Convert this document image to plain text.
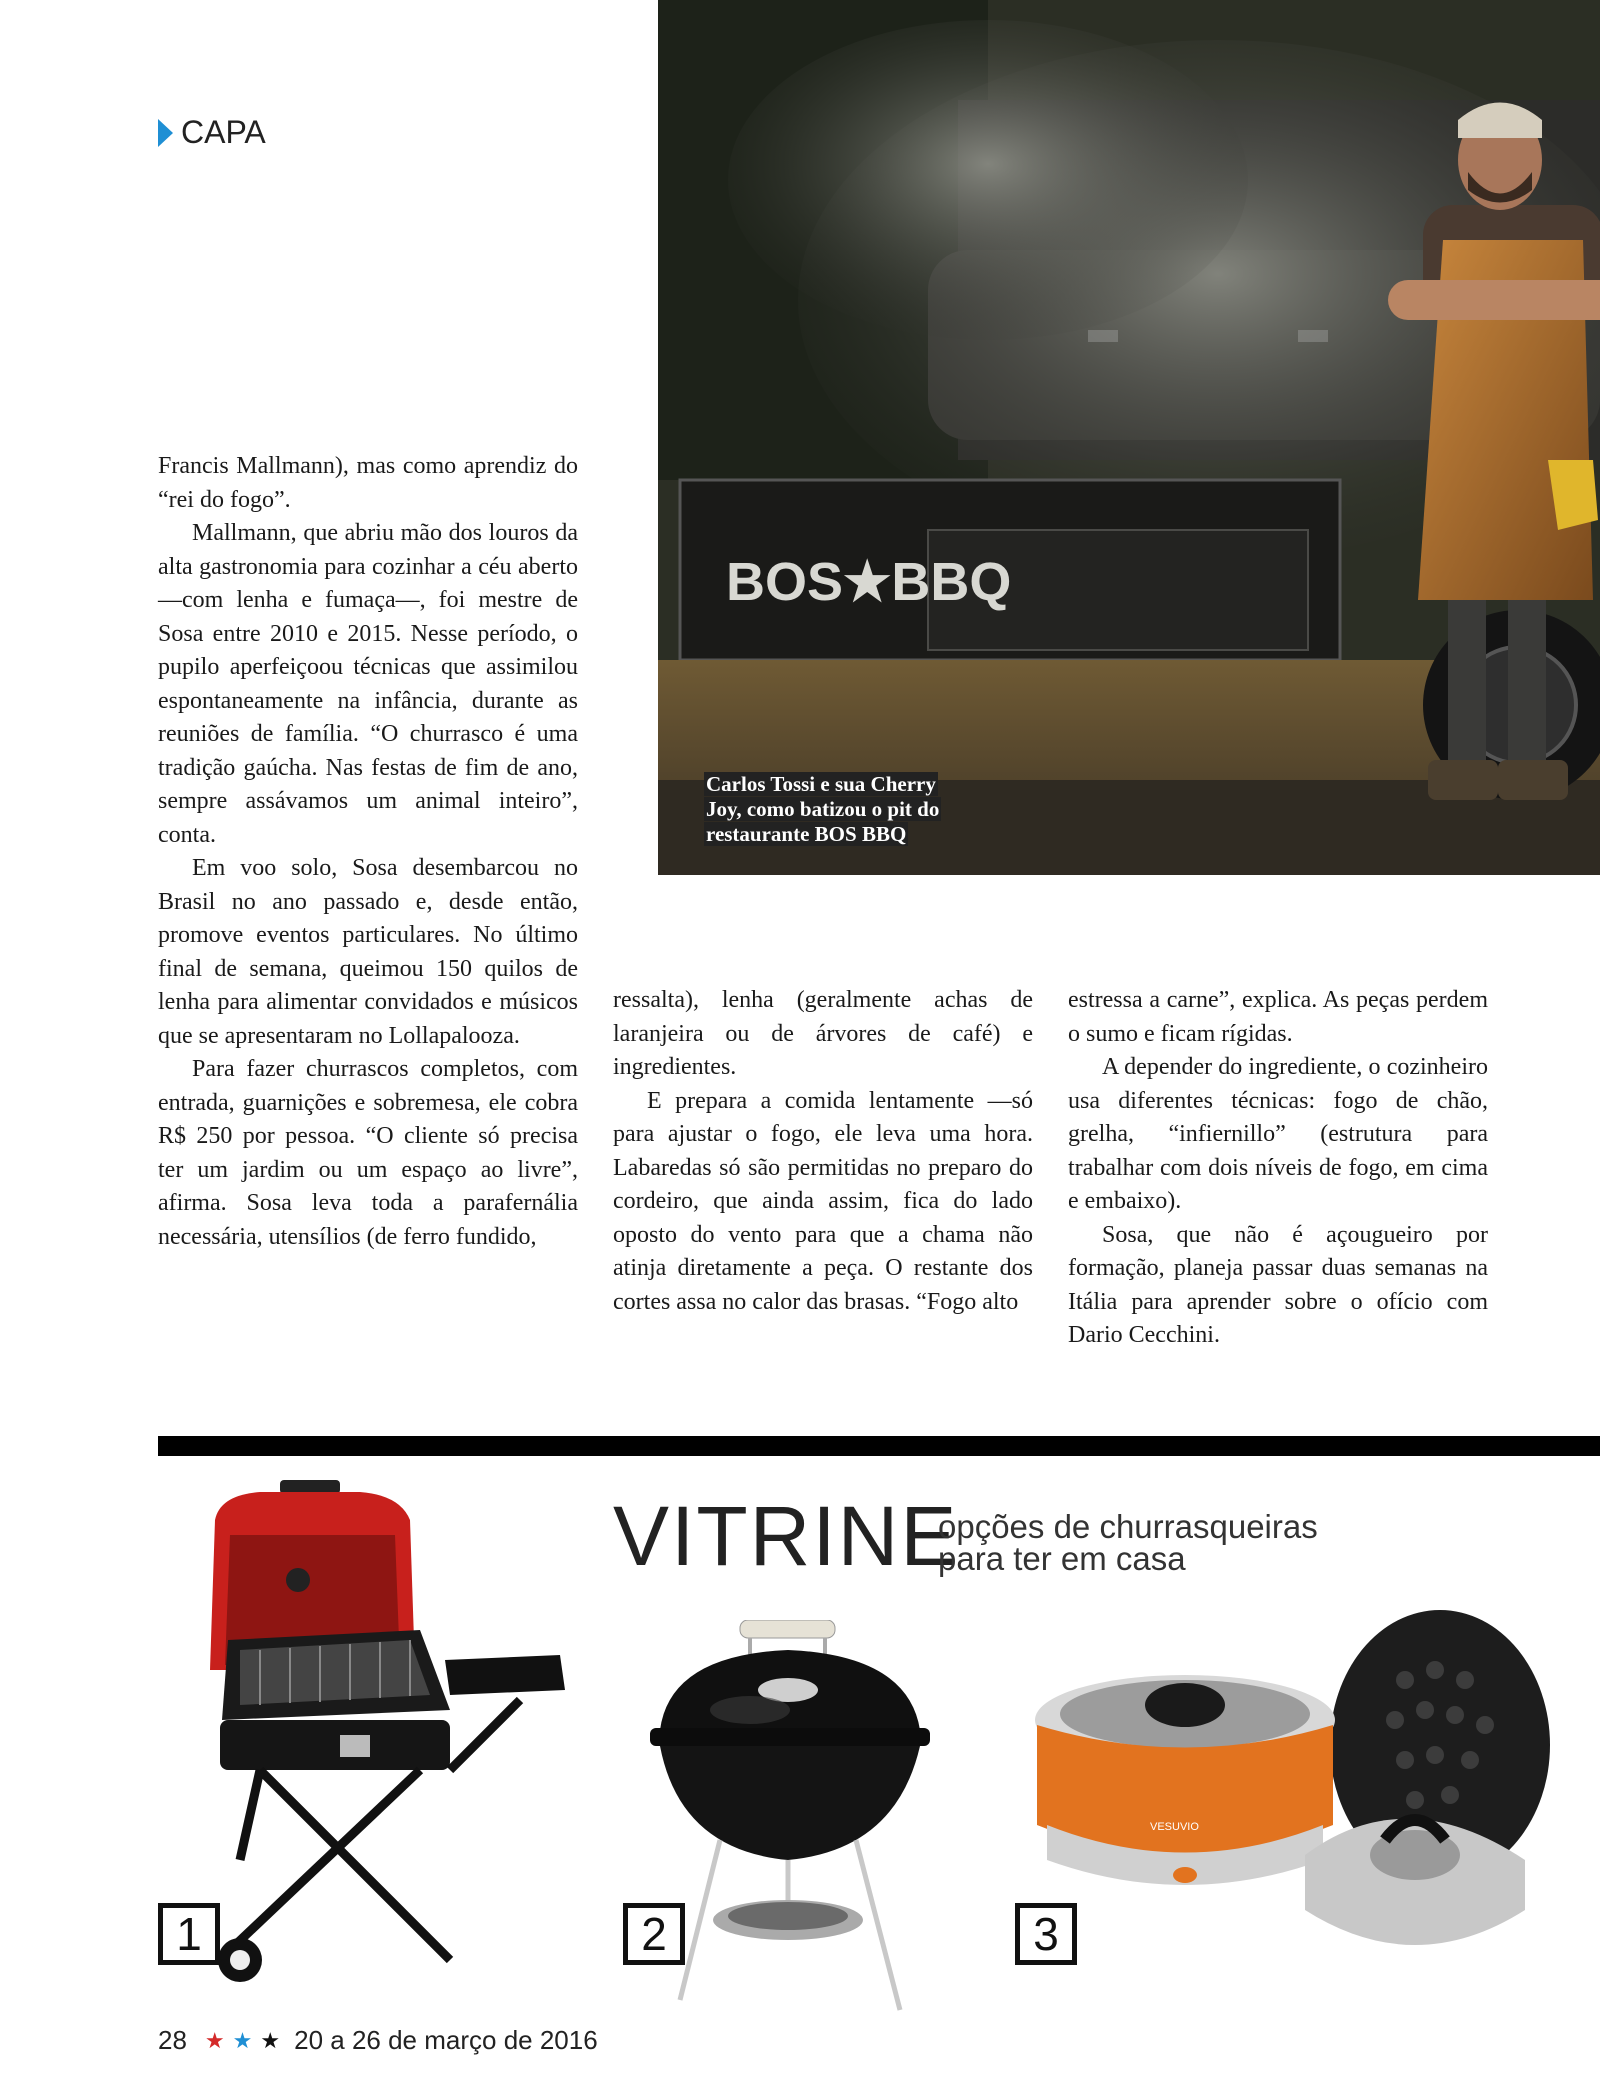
CAPA
BOS★BBQ
Carlos Tossi e sua Cherry
Joy, como batizou o pit do
restaurante BOS BBQ

Francis Mallmann), mas como aprendiz do “rei do fogo”.

Mallmann, que abriu mão dos louros da alta gastronomia para cozinhar a céu aberto —com lenha e fumaça—, foi mestre de Sosa entre 2010 e 2015. Nesse período, o pupilo aperfeiçoou técnicas que assimilou espontaneamente na infância, durante as reuniões de família. “O churrasco é uma tradição gaúcha. Nas festas de fim de ano, sempre assávamos um animal inteiro”, conta.

Em voo solo, Sosa desembarcou no Brasil no ano passado e, desde então, promove eventos particulares. No último final de semana, queimou 150 quilos de lenha para alimentar convidados e músicos que se apresentaram no Lollapalooza.

Para fazer churrascos completos, com entrada, guarnições e sobremesa, ele cobra R$ 250 por pessoa. “O cliente só precisa ter um jardim ou um espaço ao livre”, afirma. Sosa leva toda a parafernália necessária, utensílios (de ferro fundido,

ressalta), lenha (geralmente achas de laranjeira ou de árvores de café) e ingredientes.

E prepara a comida lentamente —só para ajustar o fogo, ele leva uma hora. Labaredas só são permitidas no preparo do cordeiro, que ainda assim, fica do lado oposto do vento para que a chama não atinja diretamente a peça. O restante dos cortes assa no calor das brasas. “Fogo alto

estressa a carne”, explica. As peças perdem o sumo e ficam rígidas.

A depender do ingrediente, o cozinheiro usa diferentes técnicas: fogo de chão, grelha, “infiernillo” (estrutura para trabalhar com dois níveis de fogo, em cima e embaixo).

Sosa, que não é açougueiro por formação, planeja passar duas semanas na Itália para aprender sobre o ofício com Dario Cecchini.

VITRINE
opções de churrasqueiras
para ter em casa
1	2
VESUVIO
3
28 ★ ★ ★ 20 a 26 de março de 2016
